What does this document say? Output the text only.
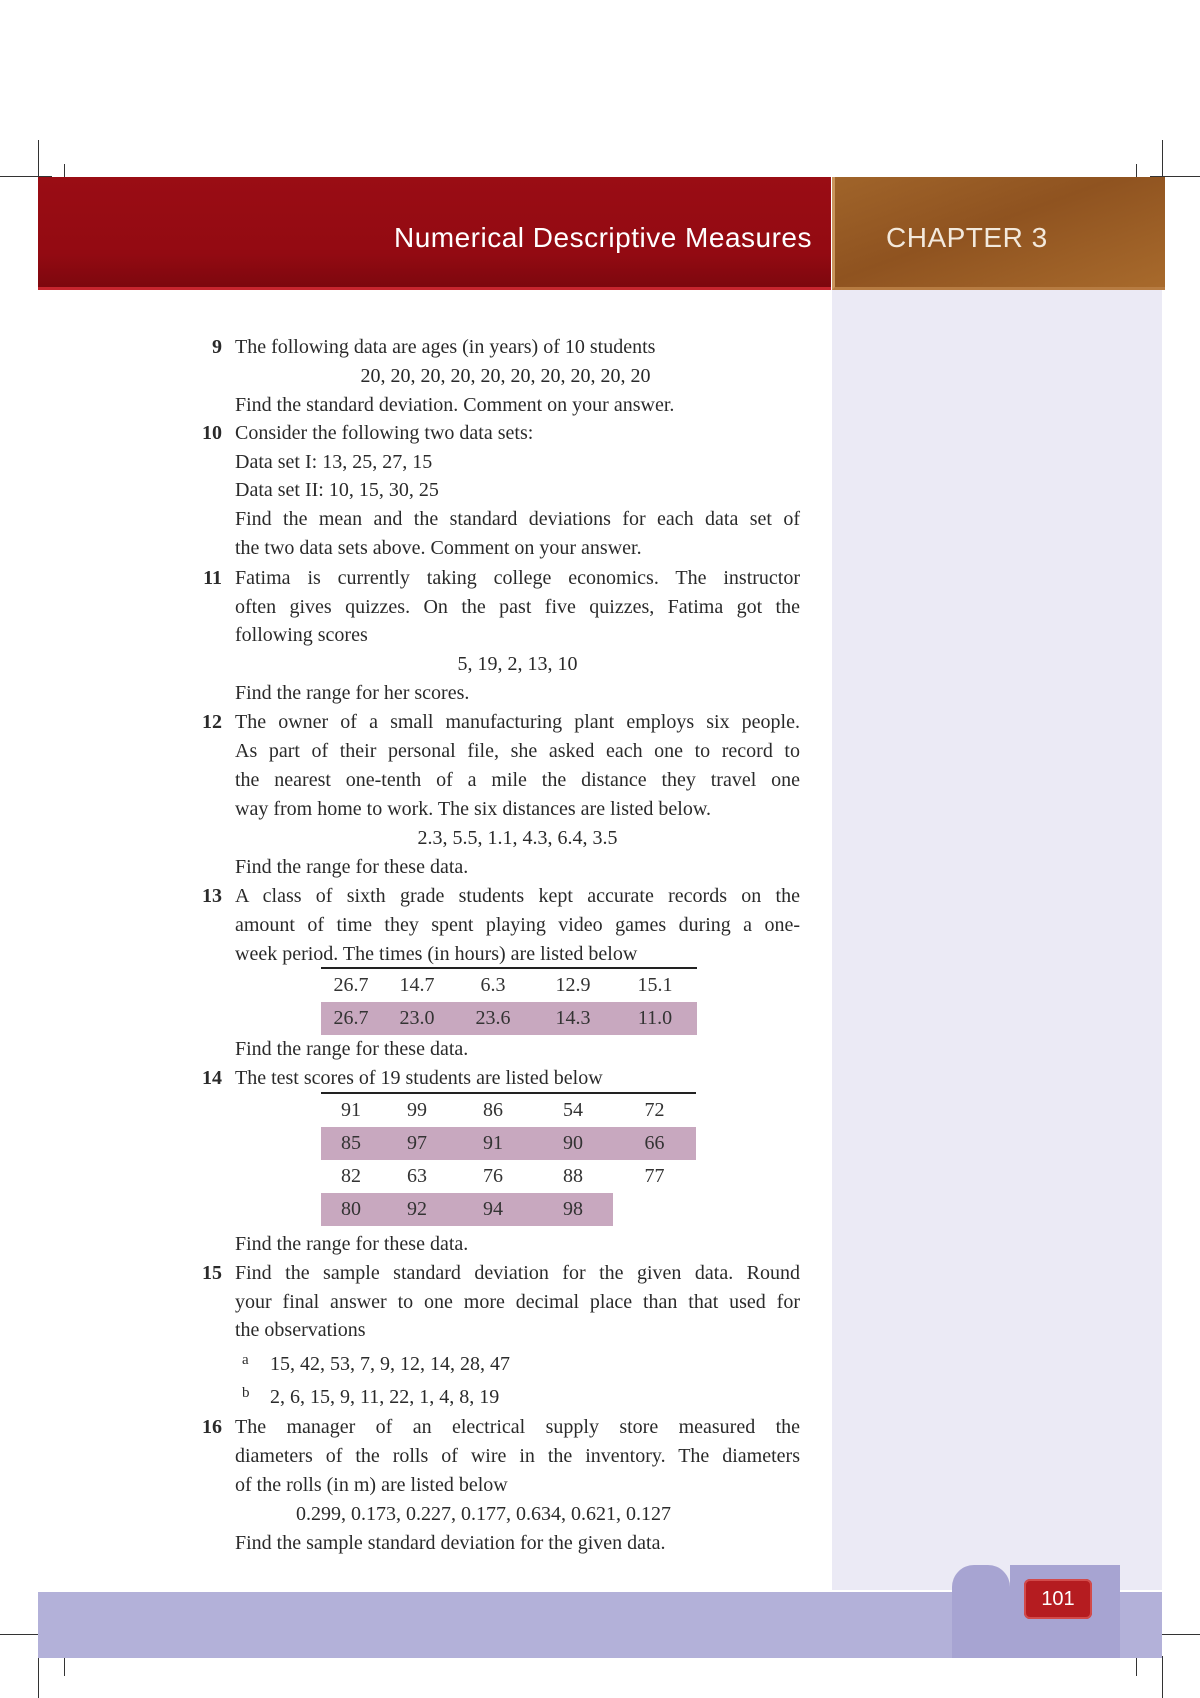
Numerical Descriptive Measures	CHAPTER 3
101
9 The following data are ages (in years) of 10 students
20, 20, 20, 20, 20, 20, 20, 20, 20, 20
Find the standard deviation. Comment on your answer.
10 Consider the following two data sets:
Data set I: 13, 25, 27, 15
Data set II: 10, 15, 30, 25
Find the mean and the standard deviations for each data set of
the two data sets above. Comment on your answer.
11 Fatima is currently taking college economics. The instructor
often gives quizzes. On the past five quizzes, Fatima got the
following scores
5, 19, 2, 13, 10
Find the range for her scores.
12 The owner of a small manufacturing plant employs six people.
As part of their personal file, she asked each one to record to
the nearest one-tenth of a mile the distance they travel one
way from home to work. The six distances are listed below.
2.3, 5.5, 1.1, 4.3, 6.4, 3.5
Find the range for these data.
13 A class of sixth grade students kept accurate records on the
amount of time they spent playing video games during a one-
week period. The times (in hours) are listed below
26.7	14.7	6.3	12.9	15.1
26.7	23.0	23.6	14.3	11.0
Find the range for these data.
14 The test scores of 19 students are listed below
91	99	86	54	72
85	97	91	90	66
82	63	76	88	77
80	92	94	98	
Find the range for these data.
15 Find the sample standard deviation for the given data. Round
your final answer to one more decimal place than that used for
the observations
a 15, 42, 53, 7, 9, 12, 14, 28, 47
b 2, 6, 15, 9, 11, 22, 1, 4, 8, 19
16 The manager of an electrical supply store measured the
diameters of the rolls of wire in the inventory. The diameters
of the rolls (in m) are listed below
0.299, 0.173, 0.227, 0.177, 0.634, 0.621, 0.127
Find the sample standard deviation for the given data.
